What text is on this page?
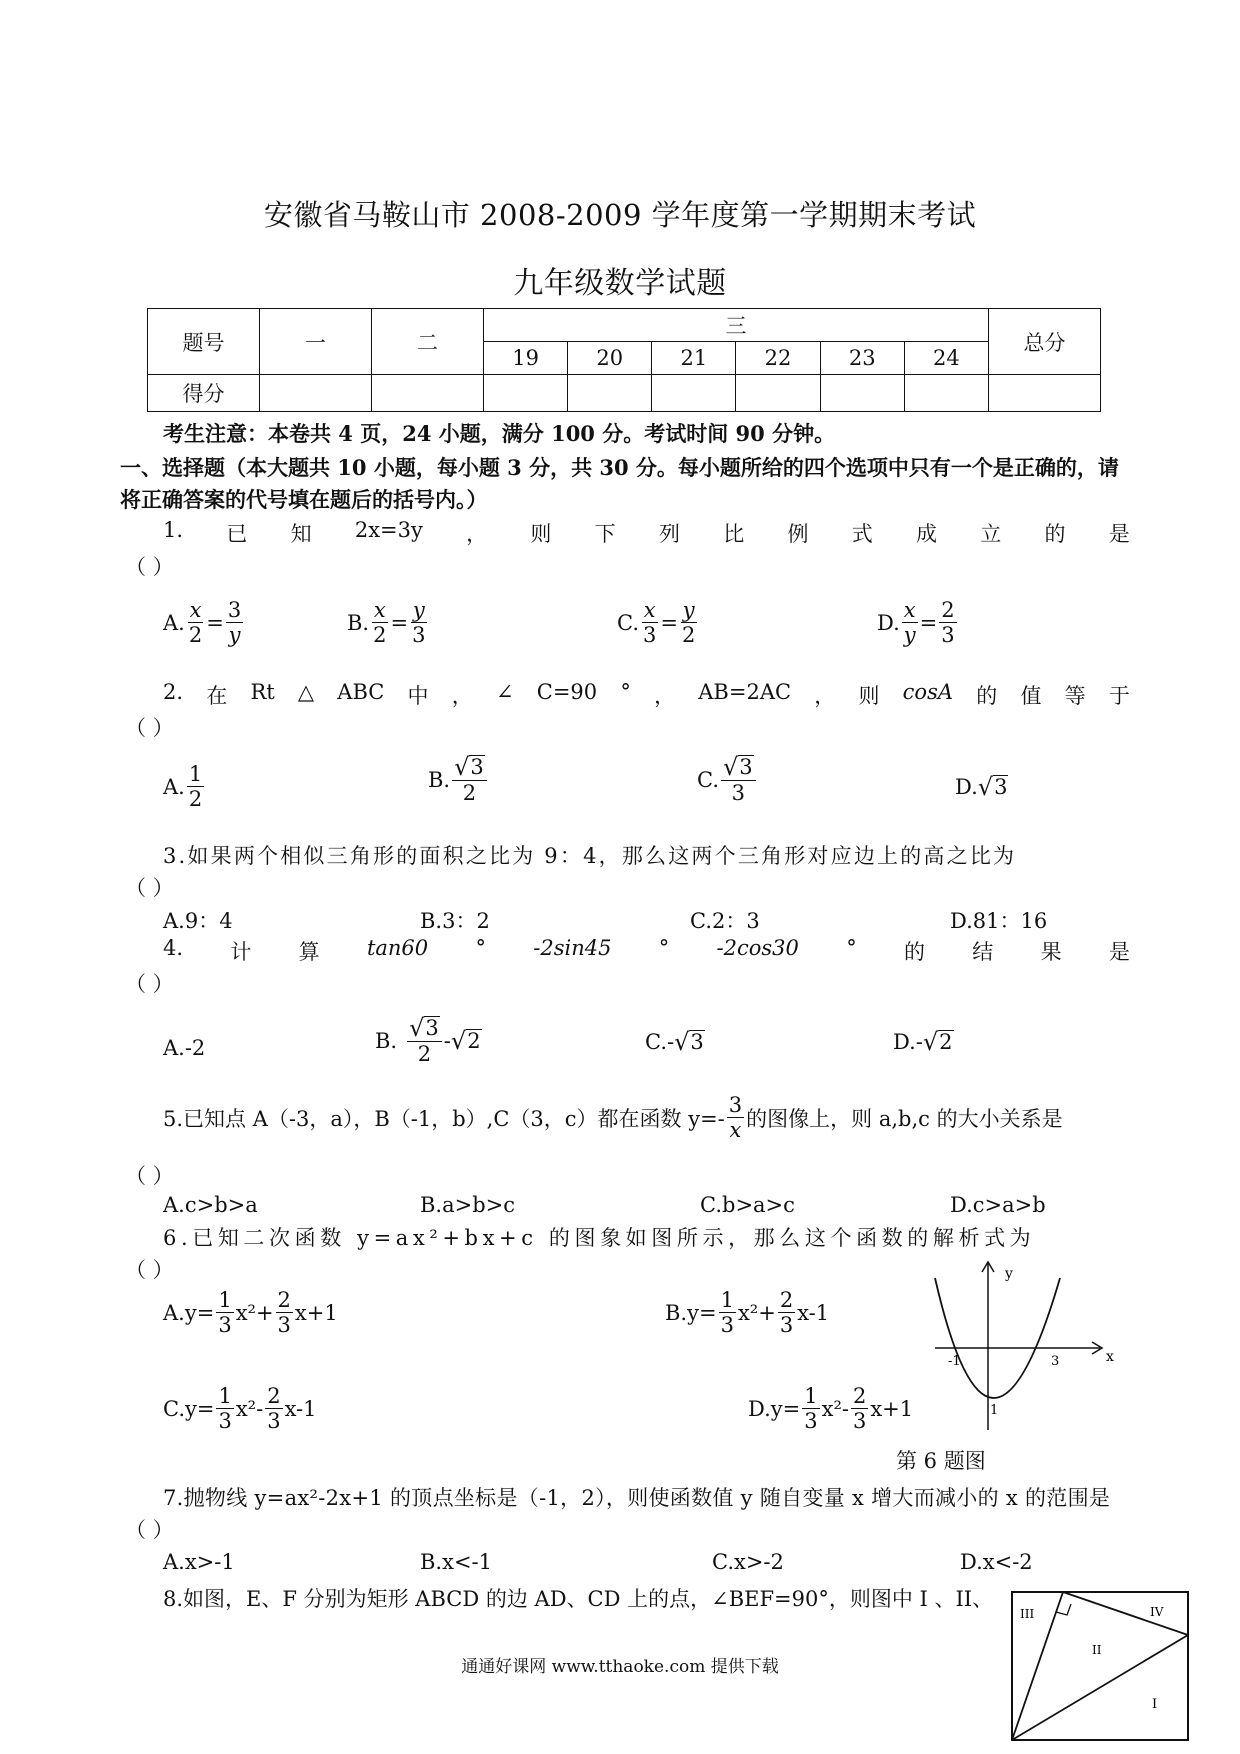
安徽省马鞍山市 2008-2009 学年度第一学期期末考试
九年级数学试题
题号	一	二	三						总分
			19	20	21	22	23	24	
得分									
考生注意：本卷共 4 页，24 小题，满分 100 分。考试时间 90 分钟。
一、选择题（本大题共 10 小题，每小题 3 分，共 30 分。每小题所给的四个选项中只有一个是正确的，请
将正确答案的代号填在题后的括号内。）
1. 已 知 2x=3y ， 则 下 列 比 例 式 成 立 的 是
（ ）
A. $\frac{x}{2} = \frac{3}{y}$	B. $\frac{x}{2} = \frac{y}{3}$	C. $\frac{x}{3} = \frac{y}{2}$	D. $\frac{x}{y} = \frac{2}{3}$
2. 在 Rt △ ABC 中 ， ∠ C=90 ° ， AB=2AC ， 则 cosA 的 值 等 于
（ ）
A. $\frac{1}{2}$	B. $\frac{√ 3}{2}$	C. $\frac{√ 3}{3}$	D. √ 3
3.如果两个相似三角形的面积之比为 9：4，那么这两个三角形对应边上的高之比为
（ ）
A.9：4	B.3：2	C.2：3	D.81：16
4. 计 算 tan60 ° -2sin45 ° -2cos30 ° 的 结 果 是
（ ）
A.-2	B. $\frac{√ 3}{2}$ - √ 2	C.- √ 3	D.- √ 2
5.已知点 A（-3，a），B（-1，b）,C（3，c）都在函数 $y=- \frac{3}{x}$ 的图像上，则 a,b,c 的大小关系是
（ ）
A.c>b>a	B.a>b>c	C.b>a>c	D.c>a>b
6.已知二次函数 y=ax²+bx+c 的图象如图所示，那么这个函数的解析式为
（ ）
$A.y= \frac{1}{3} x^2+ \frac{2}{3} x+1$	$B.y= \frac{1}{3} x^2+ \frac{2}{3} x-1$
$C.y= \frac{1}{3} x^2- \frac{2}{3} x-1$	$D.y= \frac{1}{3} x^2- \frac{2}{3} x+1$
y
x
-1	3
1
第 6 题图
7.抛物线 y=ax²-2x+1 的顶点坐标是（-1，2），则使函数值 y 随自变量 x 增大而减小的 x 的范围是
（ ）
A.x>-1	B.x<-1	C.x>-2	D.x<-2
8.如图，E、F 分别为矩形 ABCD 的边 AD、CD 上的点，∠BEF=90°，则图中 I 、II、
III	IV
II
I
通通好课网 www.tthaoke.com 提供下载
